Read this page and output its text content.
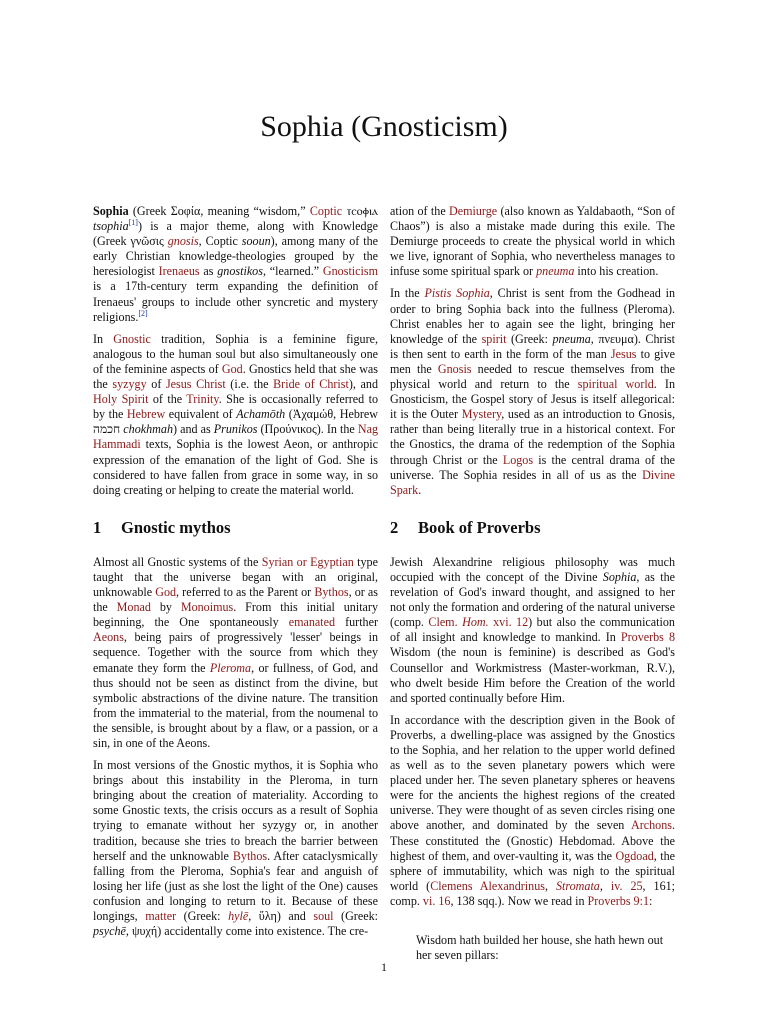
Sophia (Gnosticism)

Sophia (Greek Σοφία, meaning “wisdom,” Coptic ⲧⲥⲟⲫⲓⲁ tsophia[1]) is a major theme, along with Knowledge (Greek γνῶσις gnosis, Coptic sooun), among many of the early Christian knowledge-theologies grouped by the heresiologist Irenaeus as gnostikos, “learned.” Gnosticism is a 17th-century term expanding the definition of Irenaeus' groups to include other syncretic and mystery religions.[2]

In Gnostic tradition, Sophia is a feminine figure, analogous to the human soul but also simultaneously one of the feminine aspects of God. Gnostics held that she was the syzygy of Jesus Christ (i.e. the Bride of Christ), and Holy Spirit of the Trinity. She is occasionally referred to by the Hebrew equivalent of Achamōth (Ἀχαμώθ, Hebrew חכמה chokhmah) and as Prunikos (Προύνικος). In the Nag Hammadi texts, Sophia is the lowest Aeon, or anthropic expression of the emanation of the light of God. She is considered to have fallen from grace in some way, in so doing creating or helping to create the material world.

1 Gnostic mythos

Almost all Gnostic systems of the Syrian or Egyptian type taught that the universe began with an original, unknowable God, referred to as the Parent or Bythos, or as the Monad by Monoimus. From this initial unitary beginning, the One spontaneously emanated further Aeons, being pairs of progressively 'lesser' beings in sequence. Together with the source from which they emanate they form the Pleroma, or fullness, of God, and thus should not be seen as distinct from the divine, but symbolic abstractions of the divine nature. The transition from the immaterial to the material, from the noumenal to the sensible, is brought about by a flaw, or a passion, or a sin, in one of the Aeons.

In most versions of the Gnostic mythos, it is Sophia who brings about this instability in the Pleroma, in turn bringing about the creation of materiality. According to some Gnostic texts, the crisis occurs as a result of Sophia trying to emanate without her syzygy or, in another tradition, because she tries to breach the barrier between herself and the unknowable Bythos. After cataclysmically falling from the Pleroma, Sophia's fear and anguish of losing her life (just as she lost the light of the One) causes confusion and longing to return to it. Because of these longings, matter (Greek: hylē, ὕλη) and soul (Greek: psychē, ψυχή) accidentally come into existence. The cre-

ation of the Demiurge (also known as Yaldabaoth, “Son of Chaos”) is also a mistake made during this exile. The Demiurge proceeds to create the physical world in which we live, ignorant of Sophia, who nevertheless manages to infuse some spiritual spark or pneuma into his creation.

In the Pistis Sophia, Christ is sent from the Godhead in order to bring Sophia back into the fullness (Pleroma). Christ enables her to again see the light, bringing her knowledge of the spirit (Greek: pneuma, πνευμα). Christ is then sent to earth in the form of the man Jesus to give men the Gnosis needed to rescue themselves from the physical world and return to the spiritual world. In Gnosticism, the Gospel story of Jesus is itself allegorical: it is the Outer Mystery, used as an introduction to Gnosis, rather than being literally true in a historical context. For the Gnostics, the drama of the redemption of the Sophia through Christ or the Logos is the central drama of the universe. The Sophia resides in all of us as the Divine Spark.

2 Book of Proverbs

Jewish Alexandrine religious philosophy was much occupied with the concept of the Divine Sophia, as the revelation of God's inward thought, and assigned to her not only the formation and ordering of the natural universe (comp. Clem. Hom. xvi. 12) but also the communication of all insight and knowledge to mankind. In Proverbs 8 Wisdom (the noun is feminine) is described as God's Counsellor and Workmistress (Master-workman, R.V.), who dwelt beside Him before the Creation of the world and sported continually before Him.

In accordance with the description given in the Book of Proverbs, a dwelling-place was assigned by the Gnostics to the Sophia, and her relation to the upper world defined as well as to the seven planetary powers which were placed under her. The seven planetary spheres or heavens were for the ancients the highest regions of the created universe. They were thought of as seven circles rising one above another, and dominated by the seven Archons. These constituted the (Gnostic) Hebdomad. Above the highest of them, and over-vaulting it, was the Ogdoad, the sphere of immutability, which was nigh to the spiritual world (Clemens Alexandrinus, Stromata, iv. 25, 161; comp. vi. 16, 138 sqq.). Now we read in Proverbs 9:1:

Wisdom hath builded her house, she hath hewn out her seven pillars:
1
